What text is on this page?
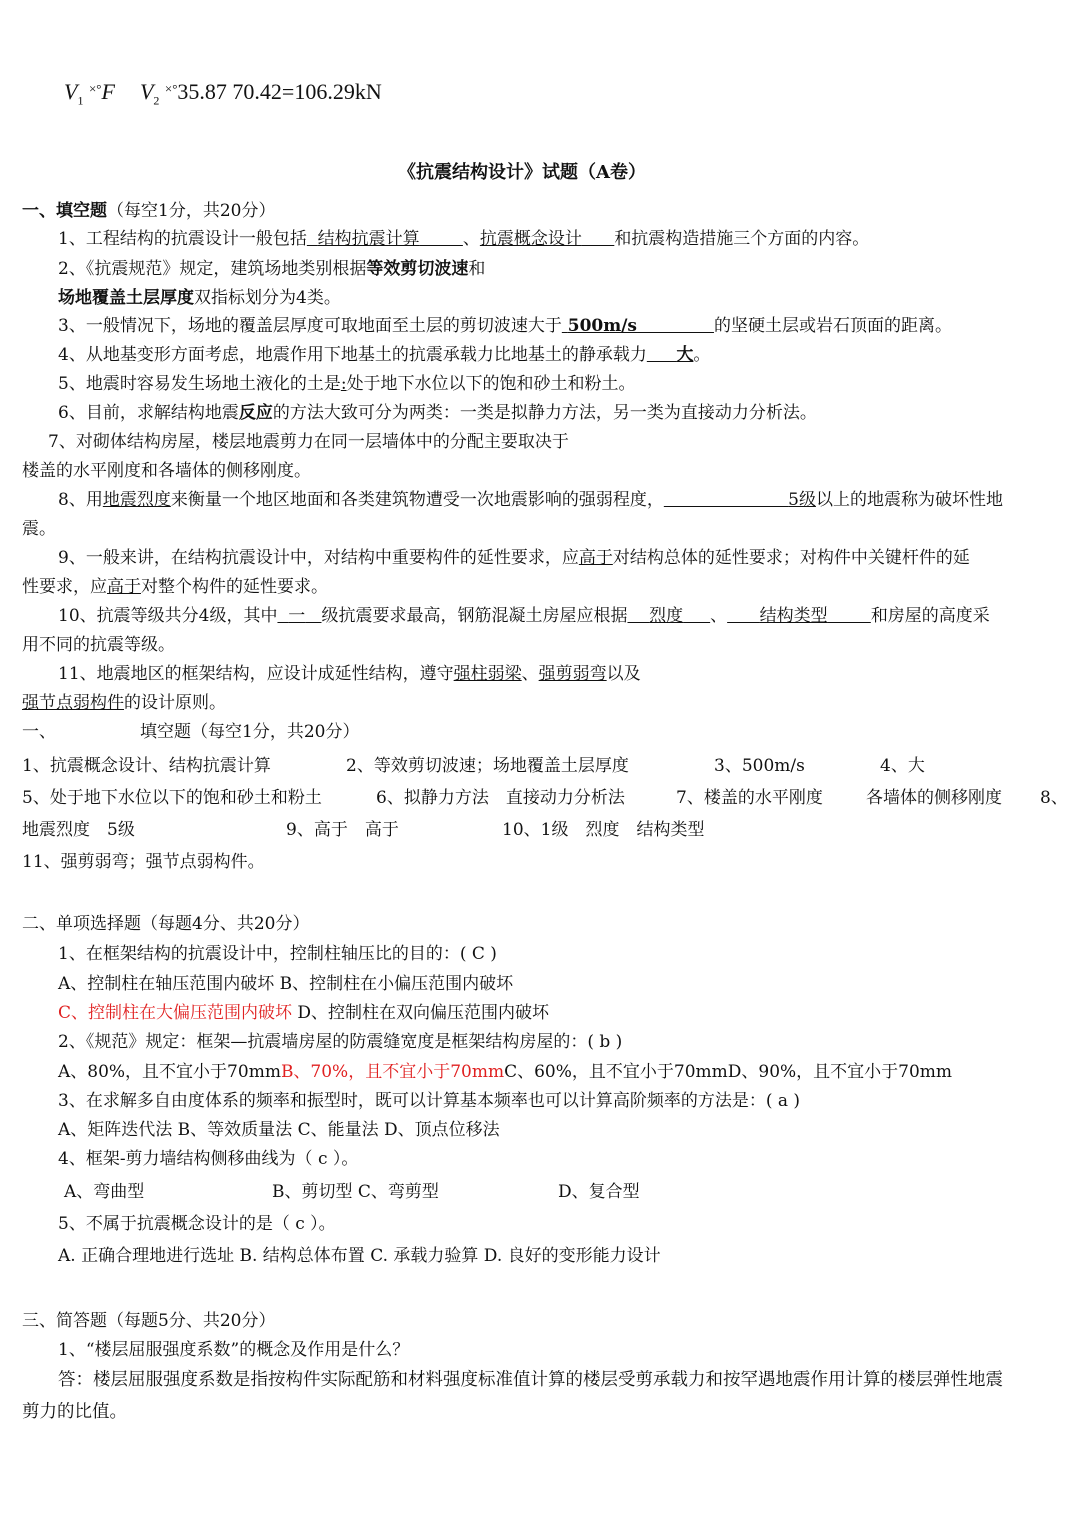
$V_1$ ×°F $V_2$ ×°35.87 70.42=106.29kN
《抗震结构设计》试题（A卷）
一、填空题（每空1分，共20分）
1、工程结构的抗震设计一般包括 结构抗震计算	、抗震概念设计 和抗震构造措施三个方面的内容。
2、《抗震规范》规定，建筑场地类别根据等效剪切波速和
场地覆盖土层厚度双指标划分为4类。
3、一般情况下，场地的覆盖层厚度可取地面至土层的剪切波速大于 500m/s	的坚硬土层或岩石顶面的距离。
4、从地基变形方面考虑，地震作用下地基土的抗震承载力比地基土的静承载力 大。
5、地震时容易发生场地土液化的土是:处于地下水位以下的饱和砂土和粉土。
6、目前，求解结构地震反应的方法大致可分为两类：一类是拟静力方法，另一类为直接动力分析法。
7、对砌体结构房屋，楼层地震剪力在同一层墙体中的分配主要取决于
楼盖的水平刚度和各墙体的侧移刚度。
8、用地震烈度来衡量一个地区地面和各类建筑物遭受一次地震影响的强弱程度，	5级以上的地震称为破坏性地
震。
9、一般来讲，在结构抗震设计中，对结构中重要构件的延性要求，应高于对结构总体的延性要求；对构件中关键杆件的延
性要求，应高于对整个构件的延性要求。
10、抗震等级共分4级，其中 一 级抗震要求最高，钢筋混凝土房屋应根据 烈度 、 结构类型	和房屋的高度采
用不同的抗震等级。
11、地震地区的框架结构，应设计成延性结构，遵守强柱弱梁、强剪弱弯以及
强节点弱构件的设计原则。
一、	填空题（每空1分，共20分）
1、抗震概念设计、结构抗震计算	2、等效剪切波速；场地覆盖土层厚度	3、500m/s	4、大
5、处于地下水位以下的饱和砂土和粉土	6、拟静力方法　直接动力分析法	7、楼盖的水平刚度	各墙体的侧移刚度 8、
地震烈度　5级	9、高于　高于	10、1级　烈度　结构类型
11、强剪弱弯；强节点弱构件。
二、单项选择题（每题4分、共20分）
1、在框架结构的抗震设计中，控制柱轴压比的目的：( C )
A、控制柱在轴压范围内破坏 B、控制柱在小偏压范围内破坏
C、控制柱在大偏压范围内破坏 D、控制柱在双向偏压范围内破坏
2、《规范》规定：框架—抗震墙房屋的防震缝宽度是框架结构房屋的：( b )
A、80%，且不宜小于70mmB、70%，且不宜小于70mmC、60%，且不宜小于70mmD、90%，且不宜小于70mm
3、在求解多自由度体系的频率和振型时，既可以计算基本频率也可以计算高阶频率的方法是：( a )
A、矩阵迭代法 B、等效质量法 C、能量法 D、顶点位移法
4、框架-剪力墙结构侧移曲线为（ c ）。
A、弯曲型	B、剪切型 C、弯剪型	D、复合型
5、不属于抗震概念设计的是（ c ）。
A. 正确合理地进行选址 B. 结构总体布置 C. 承载力验算 D. 良好的变形能力设计
三、简答题（每题5分、共20分）
1、“楼层屈服强度系数”的概念及作用是什么？
答：楼层屈服强度系数是指按构件实际配筋和材料强度标准值计算的楼层受剪承载力和按罕遇地震作用计算的楼层弹性地震
剪力的比值。
